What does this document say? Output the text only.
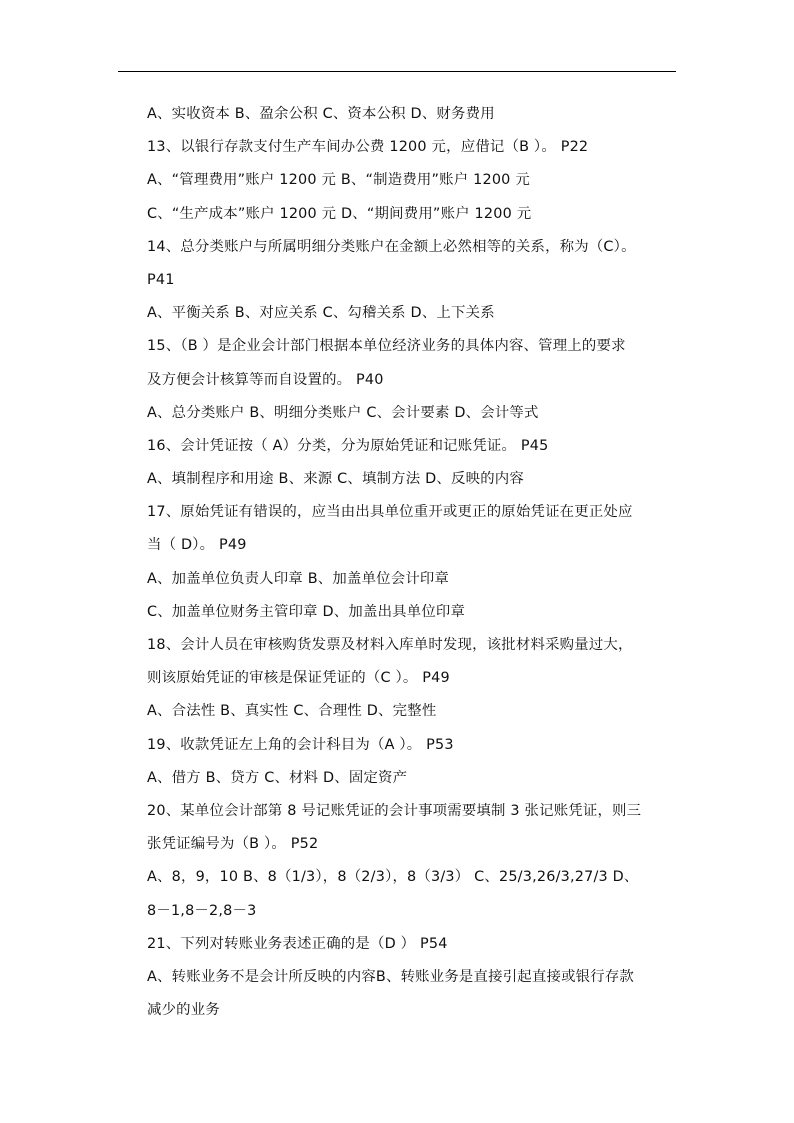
A、实收资本 B、盈余公积 C、资本公积 D、财务费用
13、以银行存款支付生产车间办公费 1200 元，应借记（B ）。 P22
A、“管理费用”账户 1200 元 B、“制造费用”账户 1200 元
C、“生产成本”账户 1200 元 D、“期间费用”账户 1200 元
14、总分类账户与所属明细分类账户在金额上必然相等的关系，称为（C）。
P41
A、平衡关系 B、对应关系 C、勾稽关系 D、上下关系
15、（B ）是企业会计部门根据本单位经济业务的具体内容、管理上的要求
及方便会计核算等而自设置的。 P40
A、总分类账户 B、明细分类账户 C、会计要素 D、会计等式
16、会计凭证按（ A）分类，分为原始凭证和记账凭证。 P45
A、填制程序和用途 B、来源 C、填制方法 D、反映的内容
17、原始凭证有错误的，应当由出具单位重开或更正的原始凭证在更正处应
当（ D）。 P49
A、加盖单位负责人印章 B、加盖单位会计印章
C、加盖单位财务主管印章 D、加盖出具单位印章
18、会计人员在审核购货发票及材料入库单时发现，该批材料采购量过大，
则该原始凭证的审核是保证凭证的（C ）。 P49
A、合法性 B、真实性 C、合理性 D、完整性
19、收款凭证左上角的会计科目为（A ）。 P53
A、借方 B、贷方 C、材料 D、固定资产
20、某单位会计部第 8 号记账凭证的会计事项需要填制 3 张记账凭证，则三
张凭证编号为（B ）。 P52
A、8，9，10 B、8（1/3），8（2/3），8（3/3） C、25/3,26/3,27/3 D、
8－1,8－2,8－3
21、下列对转账业务表述正确的是（D ） P54
A、转账业务不是会计所反映的内容B、转账业务是直接引起直接或银行存款
减少的业务
